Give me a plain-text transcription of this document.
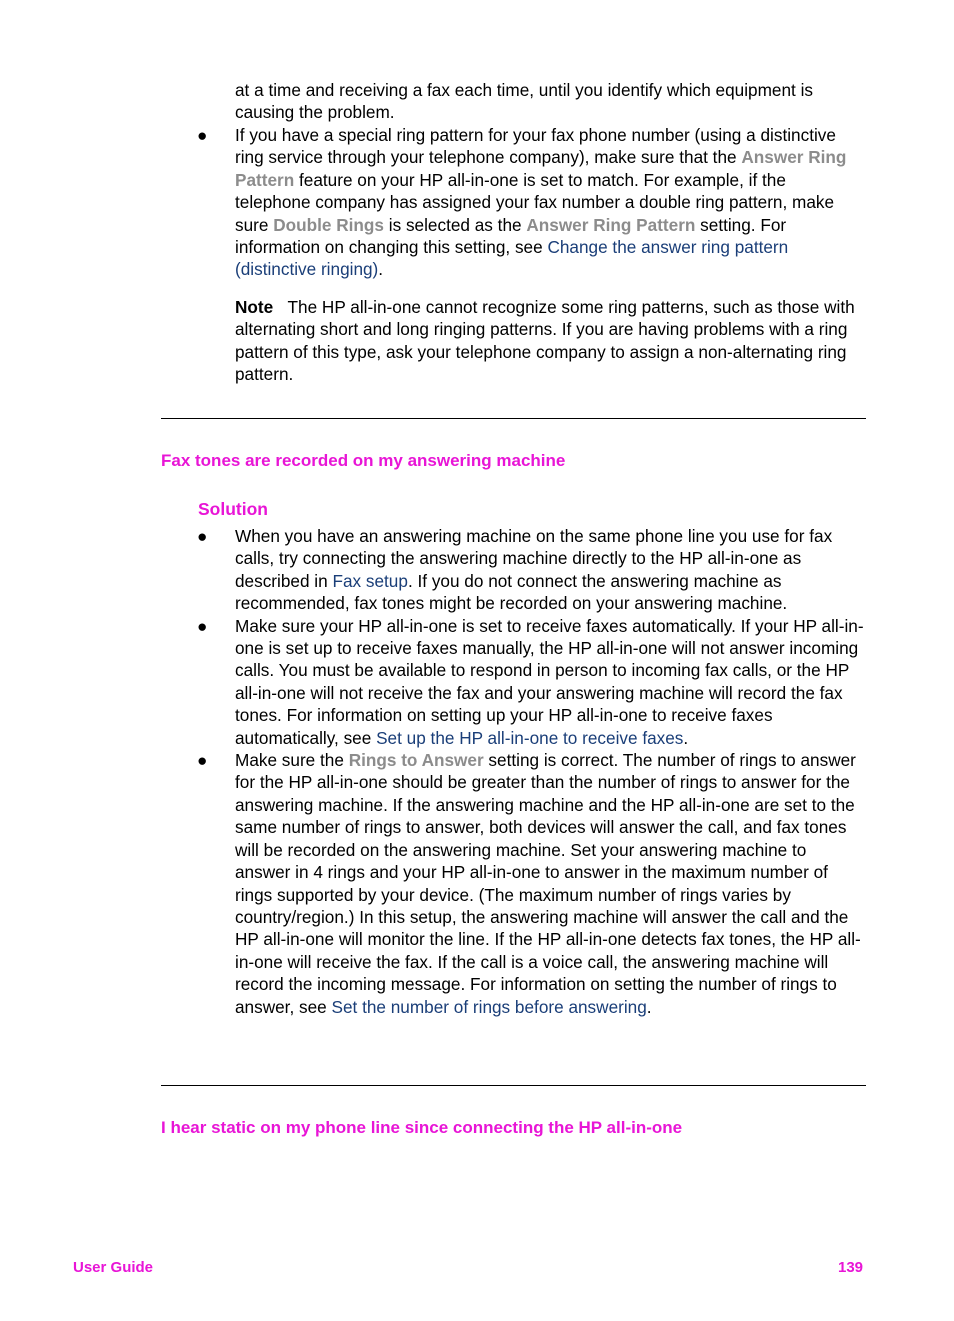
at a time and receiving a fax each time, until you identify which equipment is causing the problem.
● If you have a special ring pattern for your fax phone number (using a distinctive ring service through your telephone company), make sure that the Answer Ring Pattern feature on your HP all-in-one is set to match. For example, if the telephone company has assigned your fax number a double ring pattern, make sure Double Rings is selected as the Answer Ring Pattern setting. For information on changing this setting, see Change the answer ring pattern (distinctive ringing).
Note The HP all-in-one cannot recognize some ring patterns, such as those with alternating short and long ringing patterns. If you are having problems with a ring pattern of this type, ask your telephone company to assign a non-alternating ring pattern.
Fax tones are recorded on my answering machine
Solution
● When you have an answering machine on the same phone line you use for fax calls, try connecting the answering machine directly to the HP all-in-one as described in Fax setup. If you do not connect the answering machine as recommended, fax tones might be recorded on your answering machine.
● Make sure your HP all-in-one is set to receive faxes automatically. If your HP all-in-one is set up to receive faxes manually, the HP all-in-one will not answer incoming calls. You must be available to respond in person to incoming fax calls, or the HP all-in-one will not receive the fax and your answering machine will record the fax tones. For information on setting up your HP all-in-one to receive faxes automatically, see Set up the HP all-in-one to receive faxes.
● Make sure the Rings to Answer setting is correct. The number of rings to answer for the HP all-in-one should be greater than the number of rings to answer for the answering machine. If the answering machine and the HP all-in-one are set to the same number of rings to answer, both devices will answer the call, and fax tones will be recorded on the answering machine. Set your answering machine to answer in 4 rings and your HP all-in-one to answer in the maximum number of rings supported by your device. (The maximum number of rings varies by country/region.) In this setup, the answering machine will answer the call and the HP all-in-one will monitor the line. If the HP all-in-one detects fax tones, the HP all-in-one will receive the fax. If the call is a voice call, the answering machine will record the incoming message. For information on setting the number of rings to answer, see Set the number of rings before answering.
I hear static on my phone line since connecting the HP all-in-one
User Guide	139
